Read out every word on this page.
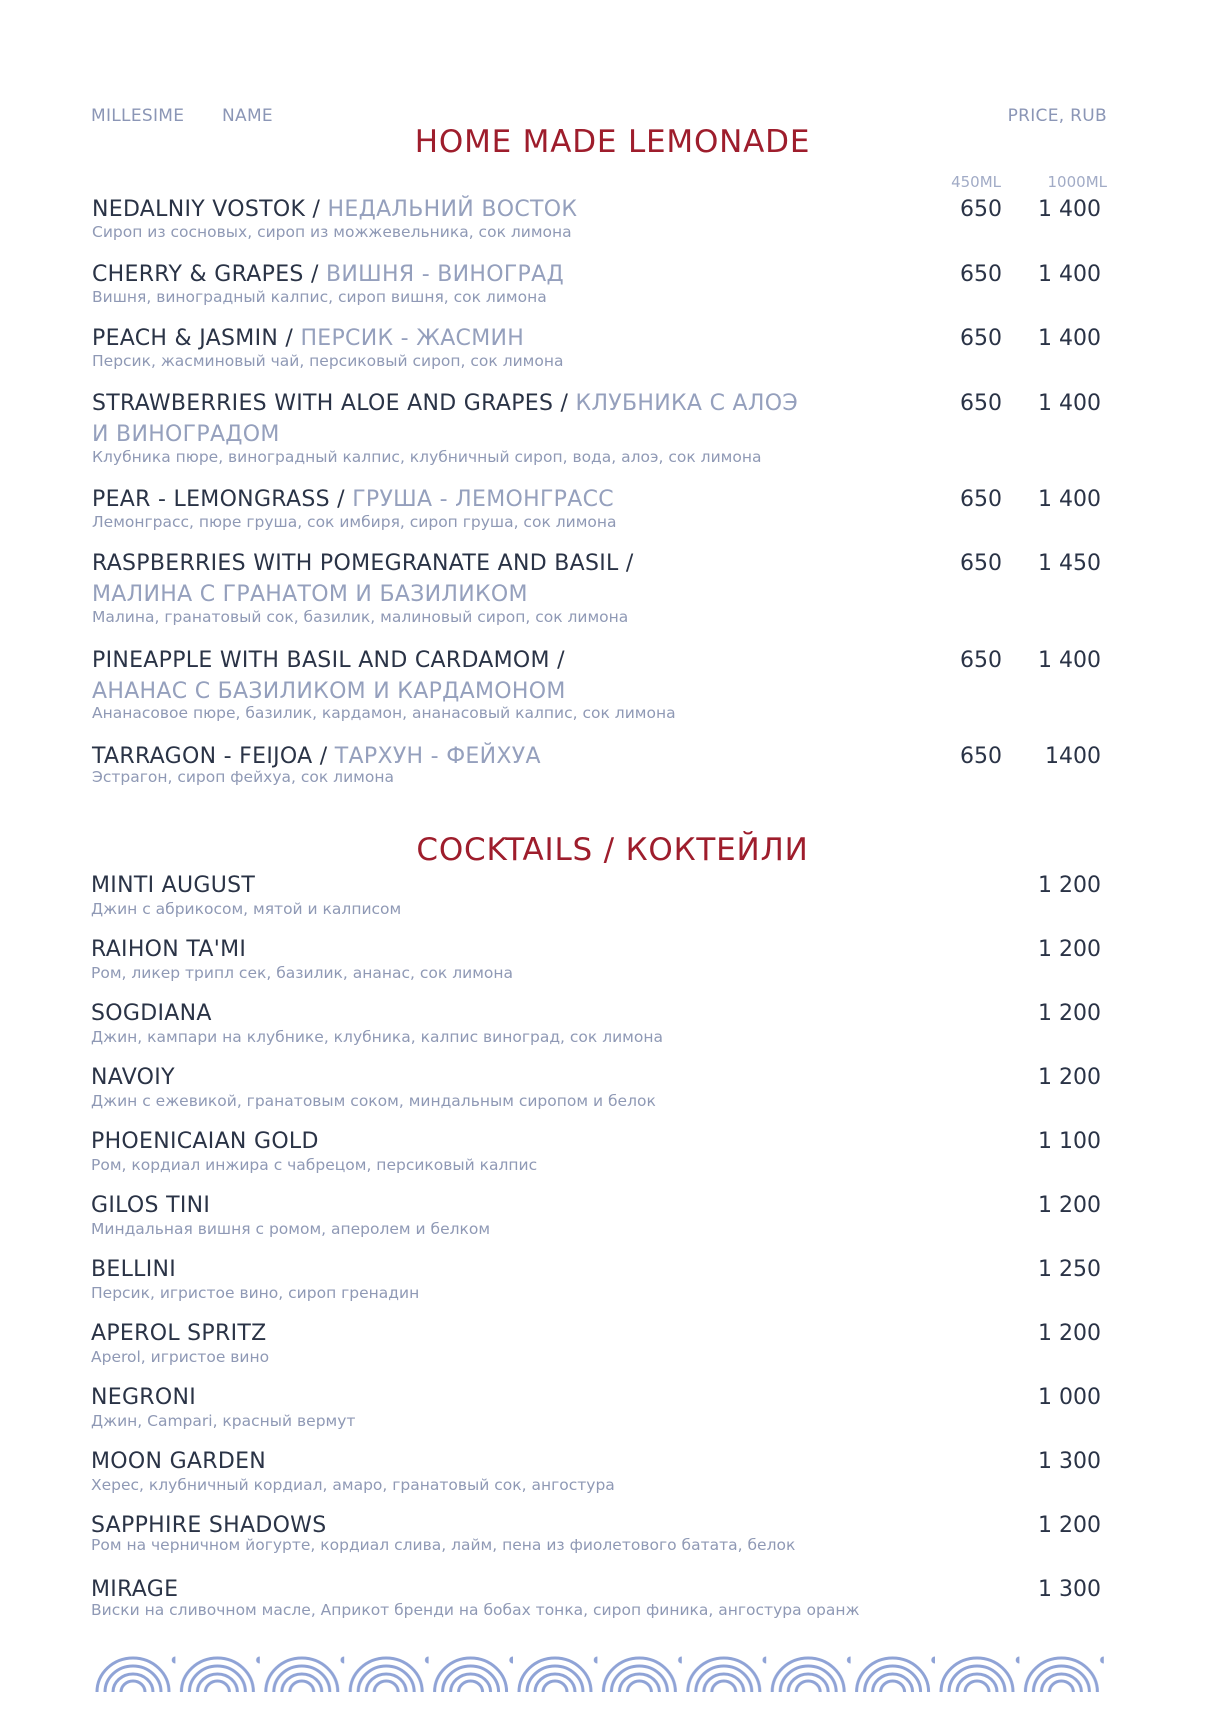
MILLESIME NAME	PRICE, RUB
HOME MADE LEMONADE
450ML	1000ML
NEDALNIY VOSTOK / НЕДАЛЬНИЙ ВОСТОК
Сироп из сосновых, сироп из можжевельника, сок лимона
650 1 400
CHERRY & GRAPES / ВИШНЯ - ВИНОГРАД
Вишня, виноградный калпис, сироп вишня, сок лимона
650 1 400
PEACH & JASMIN / ПЕРСИК - ЖАСМИН
Персик, жасминовый чай, персиковый сироп, сок лимона
650 1 400
STRAWBERRIES WITH ALOE AND GRAPES / КЛУБНИКА С АЛОЭ
И ВИНОГРАДОМ
Клубника пюре, виноградный калпис, клубничный сироп, вода, алоэ, сок лимона
650 1 400
PEAR - LEMONGRASS / ГРУША - ЛЕМОНГРАСС
Лемонграсс, пюре груша, сок имбиря, сироп груша, сок лимона
650 1 400
RASPBERRIES WITH POMEGRANATE AND BASIL /
МАЛИНА С ГРАНАТОМ И БАЗИЛИКОМ
Малина, гранатовый сок, базилик, малиновый сироп, сок лимона
650 1 450
PINEAPPLE WITH BASIL AND CARDAMOM /
АНАНАС С БАЗИЛИКОМ И КАРДАМОНОМ
Ананасовое пюре, базилик, кардамон, ананасовый калпис, сок лимона
650 1 400
TARRAGON - FEIJOA / ТАРХУН - ФЕЙХУА
Эстрагон, сироп фейхуа, сок лимона
650 1400
COCKTAILS / КОКТЕЙЛИ
MINTI AUGUST
Джин с абрикосом, мятой и калписом
1 200
RAIHON TA'MI
Ром, ликер трипл сек, базилик, ананас, сок лимона
1 200
SOGDIANA
Джин, кампари на клубнике, клубника, калпис виноград, сок лимона
1 200
NAVOIY
Джин с ежевикой, гранатовым соком, миндальным сиропом и белок
1 200
PHOENICAIAN GOLD
Ром, кордиал инжира с чабрецом, персиковый калпис
1 100
GILOS TINI
Миндальная вишня с ромом, аперолем и белком
1 200
BELLINI
Персик, игристое вино, сироп гренадин
1 250
APEROL SPRITZ
Aperol, игристое вино
1 200
NEGRONI
Джин, Campari, красный вермут
1 000
MOON GARDEN
Херес, клубничный кордиал, амаро, гранатовый сок, ангостура
1 300
SAPPHIRE SHADOWS
Ром на черничном йогурте, кордиал слива, лайм, пена из фиолетового батата, белок
1 200
MIRAGE
Виски на сливочном масле, Априкот бренди на бобах тонка, сироп финика, ангостура оранж
1 300
